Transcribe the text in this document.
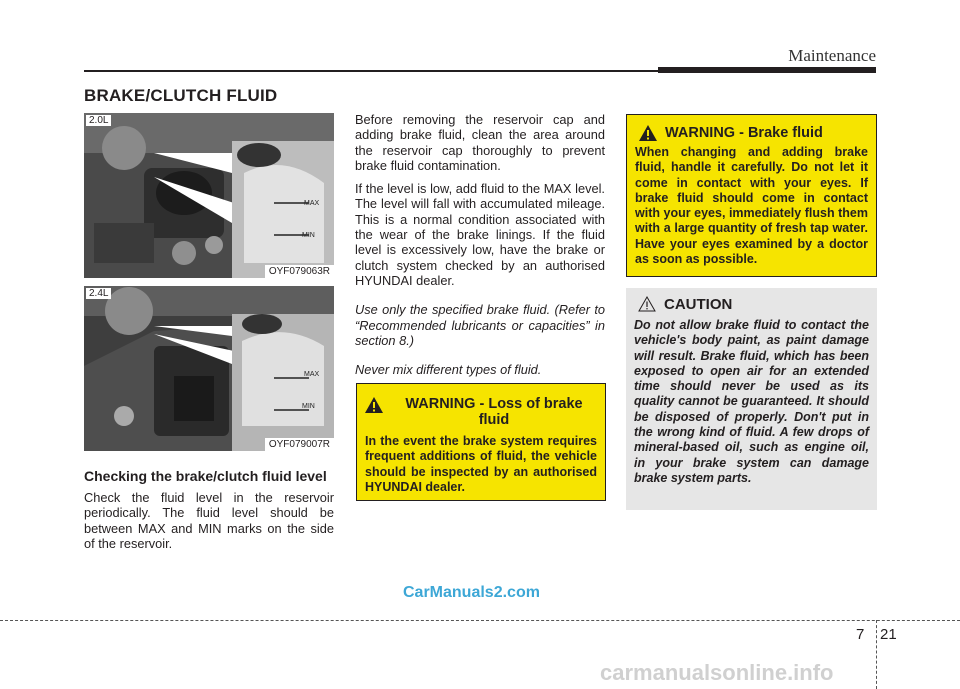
Maintenance
BRAKE/CLUTCH FLUID
MAX
MIN
2.0L
OYF079063R
MAX
MIN
2.4L
OYF079007R
Checking the brake/clutch fluid level

Check the fluid level in the reservoir periodically. The fluid level should be between MAX and MIN marks on the side of the reservoir.

Before removing the reservoir cap and adding brake fluid, clean the area around the reservoir cap thoroughly to prevent brake fluid contamination.

If the level is low, add fluid to the MAX level. The level will fall with accumulated mileage. This is a normal condition associated with the wear of the brake linings. If the fluid level is excessively low, have the brake or clutch system checked by an authorised HYUNDAI dealer.

Use only the specified brake fluid. (Refer to “Recommended lubricants or capacities” in section 8.)

Never mix different types of fluid.

WARNING - Loss of brake fluid
In the event the brake system requires frequent additions of fluid, the vehicle should be inspected by an authorised HYUNDAI dealer.
WARNING - Brake fluid
When changing and adding brake fluid, handle it carefully. Do not let it come in contact with your eyes. If brake fluid should come in contact with your eyes, immediately flush them with a large quantity of fresh tap water. Have your eyes examined by a doctor as soon as possible.
CAUTION
Do not allow brake fluid to contact the vehicle's body paint, as paint damage will result. Brake fluid, which has been exposed to open air for an extended time should never be used as its quality cannot be guaranteed. It should be disposed of properly. Don't put in the wrong kind of fluid. A few drops of mineral-based oil, such as engine oil, in your brake system can damage brake system parts.
CarManuals2.com
7 21
carmanualsonline.info
